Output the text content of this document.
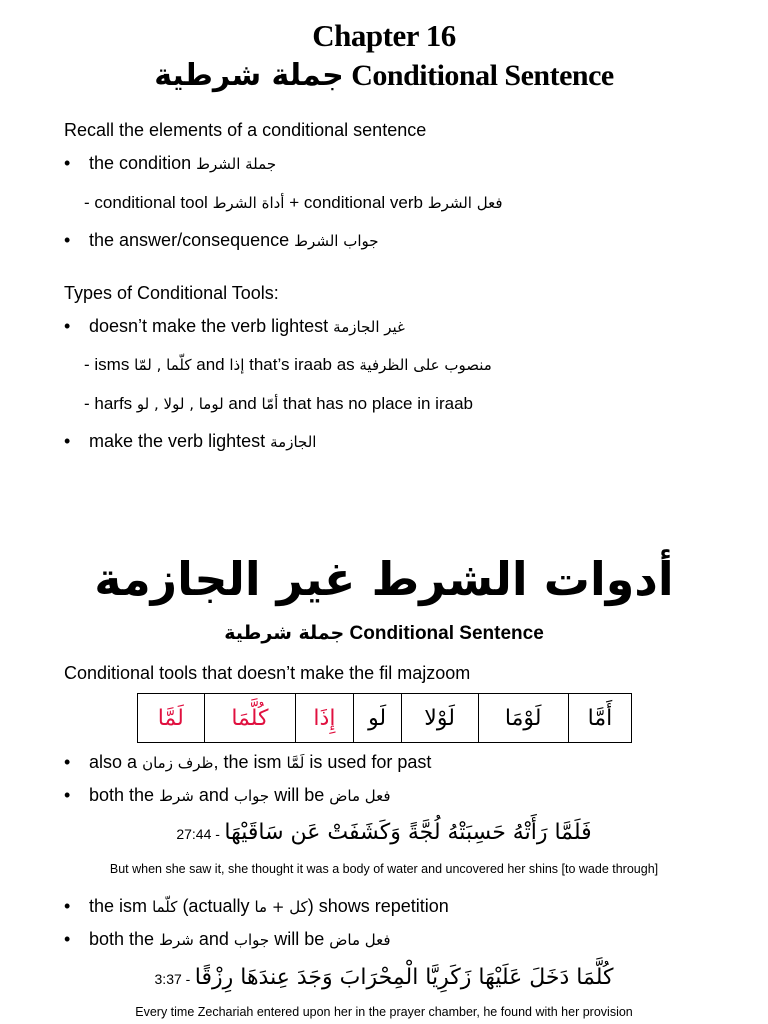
Chapter 16
جملة شرطية Conditional Sentence
Recall the elements of a conditional sentence
• the condition جملة الشرط
- conditional tool أداة الشرط + conditional verb فعل الشرط
• the answer/consequence جواب الشرط
Types of Conditional Tools:
• doesn’t make the verb lightest غير الجازمة
- isms كلّما , لمّا and إذا that’s iraab as منصوب على الظرفية
- harfs لوما , لولا , لو and أمّا that has no place in iraab
• make the verb lightest الجازمة
أدوات الشرط غير الجازمة
جملة شرطية Conditional Sentence
Conditional tools that doesn’t make the fil majzoom
لَمَّا	كُلَّمَا	إِذَا	لَو	لَوْلا	لَوْمَا	أَمَّا
• also a ظرف زمان, the ism لَمَّا is used for past
• both the شرط and جواب will be فعل ماض
27:44 - فَلَمَّا رَأَتْهُ حَسِبَتْهُ لُجَّةً وَكَشَفَتْ عَن سَاقَيْهَا
But when she saw it, she thought it was a body of water and uncovered her shins [to wade through]
• the ism كلّما (actually كل + ما) shows repetition
• both the شرط and جواب will be فعل ماض
3:37 - كُلَّمَا دَخَلَ عَلَيْهَا زَكَرِيَّا الْمِحْرَابَ وَجَدَ عِندَهَا رِزْقًا
Every time Zechariah entered upon her in the prayer chamber, he found with her provision
